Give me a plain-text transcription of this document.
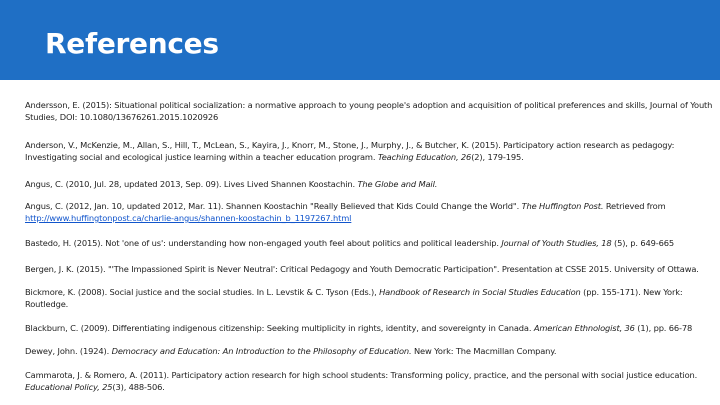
References
Andersson, E. (2015): Situational political socialization: a normative approach to young people's adoption and acquisition of political preferences and skills, Journal of Youth Studies, DOI: 10.1080/13676261.2015.1020926
Anderson, V., McKenzie, M., Allan, S., Hill, T., McLean, S., Kayira, J., Knorr, M., Stone, J., Murphy, J., & Butcher, K. (2015). Participatory action research as pedagogy: Investigating social and ecological justice learning within a teacher education program. Teaching Education, 26(2), 179-195.
Angus, C. (2010, Jul. 28, updated 2013, Sep. 09). Lives Lived Shannen Koostachin. The Globe and Mail.
Angus, C. (2012, Jan. 10, updated 2012, Mar. 11). Shannen Koostachin "Really Believed that Kids Could Change the World". The Huffington Post. Retrieved from http://www.huffingtonpost.ca/charlie-angus/shannen-koostachin_b_1197267.html
Bastedo, H. (2015). Not 'one of us': understanding how non-engaged youth feel about politics and political leadership. Journal of Youth Studies, 18 (5), p. 649-665
Bergen, J. K. (2015). "'The Impassioned Spirit is Never Neutral': Critical Pedagogy and Youth Democratic Participation". Presentation at CSSE 2015. University of Ottawa.
Bickmore, K. (2008). Social justice and the social studies. In L. Levstik & C. Tyson (Eds.), Handbook of Research in Social Studies Education (pp. 155-171). New York: Routledge.
Blackburn, C. (2009). Differentiating indigenous citizenship: Seeking multiplicity in rights, identity, and sovereignty in Canada. American Ethnologist, 36 (1), pp. 66-78
Dewey, John. (1924). Democracy and Education: An Introduction to the Philosophy of Education. New York: The Macmillan Company.
Cammarota, J. & Romero, A. (2011). Participatory action research for high school students: Transforming policy, practice, and the personal with social justice education. Educational Policy, 25(3), 488-506.
